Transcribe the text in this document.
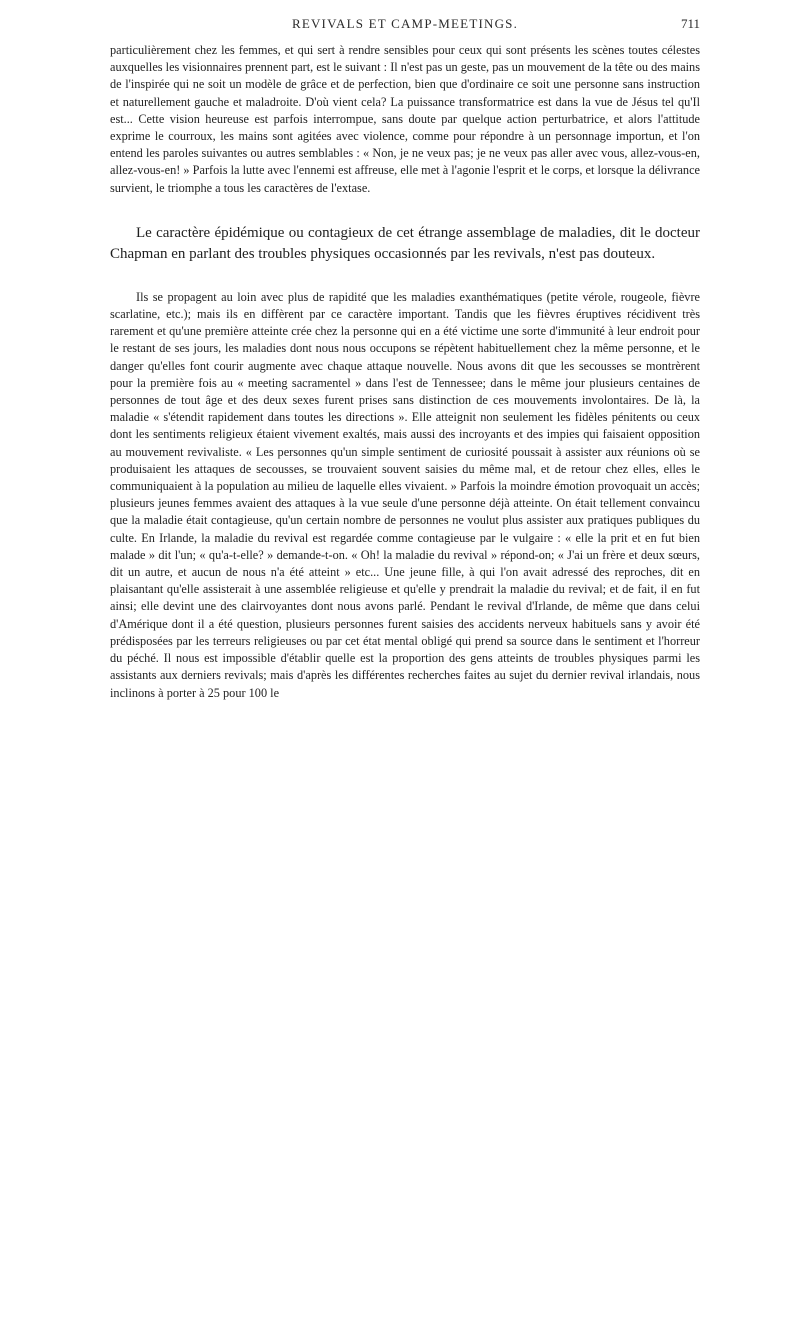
REVIVALS ET CAMP-MEETINGS.	711

particulièrement chez les femmes, et qui sert à rendre sensibles pour ceux qui sont présents les scènes toutes célestes auxquelles les visionnaires prennent part, est le suivant : Il n'est pas un geste, pas un mouvement de la tête ou des mains de l'inspirée qui ne soit un modèle de grâce et de perfection, bien que d'ordinaire ce soit une personne sans instruction et naturellement gauche et maladroite. D'où vient cela? La puissance transformatrice est dans la vue de Jésus tel qu'Il est... Cette vision heureuse est parfois interrompue, sans doute par quelque action perturbatrice, et alors l'attitude exprime le courroux, les mains sont agitées avec violence, comme pour répondre à un personnage importun, et l'on entend les paroles suivantes ou autres semblables : « Non, je ne veux pas; je ne veux pas aller avec vous, allez-vous-en, allez-vous-en! » Parfois la lutte avec l'ennemi est affreuse, elle met à l'agonie l'esprit et le corps, et lorsque la délivrance survient, le triomphe a tous les caractères de l'extase.

Le caractère épidémique ou contagieux de cet étrange assemblage de maladies, dit le docteur Chapman en parlant des troubles physiques occasionnés par les revivals, n'est pas douteux.

Ils se propagent au loin avec plus de rapidité que les maladies exanthématiques (petite vérole, rougeole, fièvre scarlatine, etc.); mais ils en diffèrent par ce caractère important. Tandis que les fièvres éruptives récidivent très rarement et qu'une première atteinte crée chez la personne qui en a été victime une sorte d'immunité à leur endroit pour le restant de ses jours, les maladies dont nous nous occupons se répètent habituellement chez la même personne, et le danger qu'elles font courir augmente avec chaque attaque nouvelle. Nous avons dit que les secousses se montrèrent pour la première fois au « meeting sacramentel » dans l'est de Tennessee; dans le même jour plusieurs centaines de personnes de tout âge et des deux sexes furent prises sans distinction de ces mouvements involontaires. De là, la maladie « s'étendit rapidement dans toutes les directions ». Elle atteignit non seulement les fidèles pénitents ou ceux dont les sentiments religieux étaient vivement exaltés, mais aussi des incroyants et des impies qui faisaient opposition au mouvement revivaliste. « Les personnes qu'un simple sentiment de curiosité poussait à assister aux réunions où se produisaient les attaques de secousses, se trouvaient souvent saisies du même mal, et de retour chez elles, elles le communiquaient à la population au milieu de laquelle elles vivaient. » Parfois la moindre émotion provoquait un accès; plusieurs jeunes femmes avaient des attaques à la vue seule d'une personne déjà atteinte. On était tellement convaincu que la maladie était contagieuse, qu'un certain nombre de personnes ne voulut plus assister aux pratiques publiques du culte. En Irlande, la maladie du revival est regardée comme contagieuse par le vulgaire : « elle la prit et en fut bien malade » dit l'un; « qu'a-t-elle? » demande-t-on. « Oh! la maladie du revival » répond-on; « J'ai un frère et deux sœurs, dit un autre, et aucun de nous n'a été atteint » etc... Une jeune fille, à qui l'on avait adressé des reproches, dit en plaisantant qu'elle assisterait à une assemblée religieuse et qu'elle y prendrait la maladie du revival; et de fait, il en fut ainsi; elle devint une des clairvoyantes dont nous avons parlé. Pendant le revival d'Irlande, de même que dans celui d'Amérique dont il a été question, plusieurs personnes furent saisies des accidents nerveux habituels sans y avoir été prédisposées par les terreurs religieuses ou par cet état mental obligé qui prend sa source dans le sentiment et l'horreur du péché. Il nous est impossible d'établir quelle est la proportion des gens atteints de troubles physiques parmi les assistants aux derniers revivals; mais d'après les différentes recherches faites au sujet du dernier revival irlandais, nous inclinons à porter à 25 pour 100 le
